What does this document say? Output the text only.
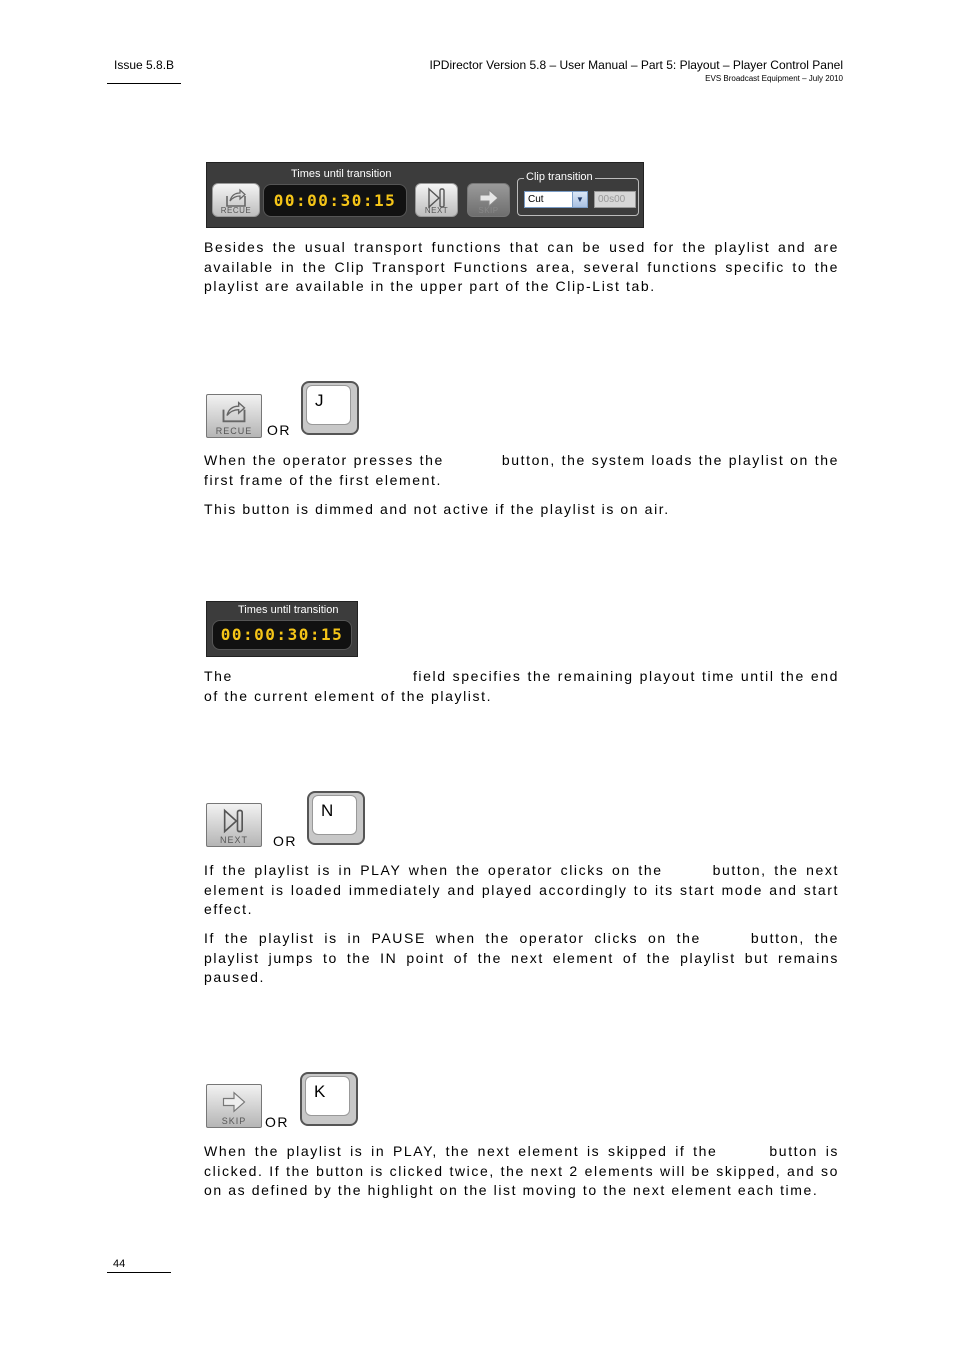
Issue 5.8.B	IPDirector Version 5.8 – User Manual – Part 5: Playout – Player Control Panel
EVS Broadcast Equipment – July 2010
RECUE
Times until transition
00:00:30:15
NEXT	SKIP
Clip transition
Cut	▼	00s00
Besides the usual transport functions that can be used for the playlist and are available in the Clip Transport Functions area, several functions specific to the playlist are available in the upper part of the Clip-List tab.
RECUE	OR
J
When the operator presses the	button, the system loads the playlist on the first frame of the first element.
This button is dimmed and not active if the playlist is on air.
Times until transition
00:00:30:15
The	field specifies the remaining playout time until the end of the current element of the playlist.
NEXT	OR
N
If the playlist is in PLAY when the operator clicks on the	button, the next element is loaded immediately and played accordingly to its start mode and start effect.
If the playlist is in PAUSE when the operator clicks on the	button, the playlist jumps to the IN point of the next element of the playlist but remains paused.
SKIP	OR
K
When the playlist is in PLAY, the next element is skipped if the	button is clicked. If the button is clicked twice, the next 2 elements will be skipped, and so on as defined by the highlight on the list moving to the next element each time.
44
